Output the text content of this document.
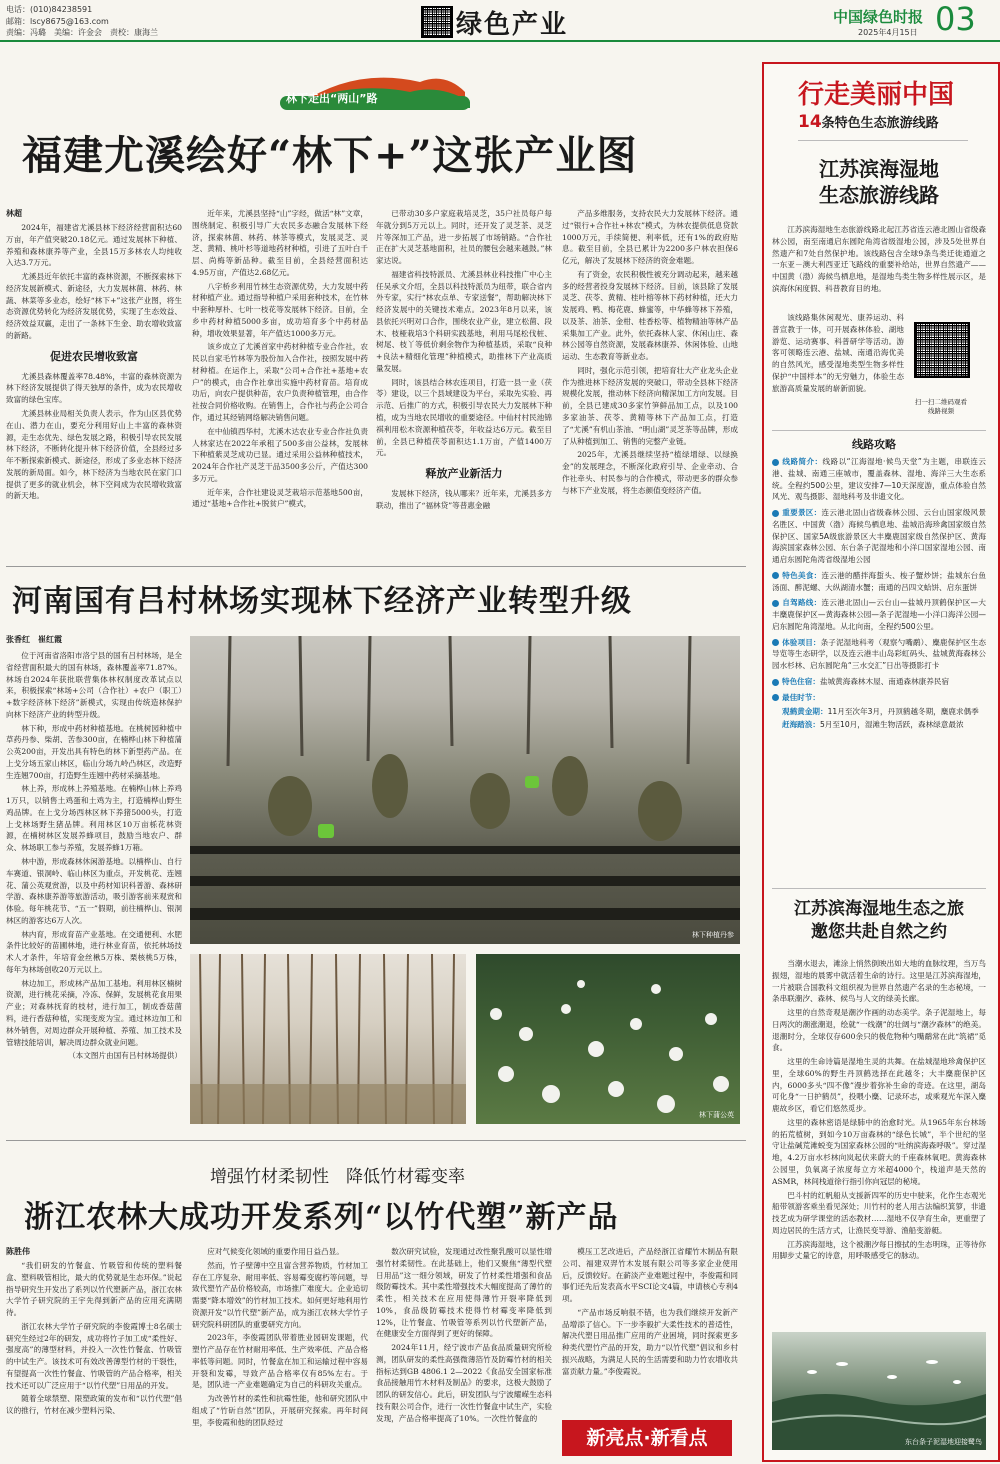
电话：(010)84238591
邮箱：lscy8675@163.com
责编：冯璐　美编：许金会　责校：康海兰	绿色产业	中国绿色时报
2025年4月15日 03
林下走出“两山”路
福建尤溪绘好“林下+”这张产业图
林超

2024年，福建省尤溪县林下经济经营面积达60万亩，年产值突破20.18亿元。通过发展林下种植、养殖和森林康养等产业，全县15万多林农人均纯收入达3.7万元。

尤溪县近年依托丰富的森林资源，不断探索林下经济发展新模式、新途径，大力发展林菌、林药、林蔬、林菜等多业态，绘好“林下+”这张产业图，将生态资源优势转化为经济发展优势，实现了生态效益、经济效益双赢，走出了一条林下生金、助农增收致富的新路。

促进农民增收致富

尤溪县森林覆盖率78.48%，丰富的森林资源为林下经济发展提供了得天独厚的条件，成为农民增收致富的绿色宝库。

尤溪县林业局相关负责人表示，作为山区县优势在山、潜力在山，要充分利用好山上丰富的森林资源，走生态优先、绿色发展之路，积极引导农民发展林下经济，不断转化提升林下经济价值，全县经过多年不断探索新模式、新途径，形成了多业态林下经济发展的新局面。如今，林下经济为当地农民在家门口提供了更多的就业机会，林下空间成为农民增收致富的新天地。

近年来，尤溪县坚持“山”字经，做活“林”文章，围绕制定、积极引导广大农民多态融合发展林下经济，探索林菌、林药、林茶等模式，发展灵芝、灵芝、黄精、桃叶杉等道地药材种植，引进了五叶白千层、尚梅等新品种。截至目前，全县经营面积达4.95万亩，产值达2.68亿元。

八字桥乡利用竹林生态资源优势，大力发展中药材种植产业。通过指导种植户采用套种技术，在竹林中套种厚朴、七叶一枝花等发展林下经济。目前，全乡中药材种植5000多亩，成功培育多个中药材品种，增收效果显著，年产值达1000多万元。

该乡成立了尤溪首家中药材种植专业合作社，农民以自家毛竹林等为股份加入合作社，按照发展中药材种植。在运作上，采取“公司+合作社+基地+农户”的模式，由合作社拿出实施中药材育苗。培育成功后，向农户提供种苗，农户负责种植管理，由合作社按合同价格收购。在销售上，合作社与药企公司合作，通过其经销网络解决销售问题。

在中仙镇西华村，尤溪木达农业专业合作社负责人林家达在2022年承租了500多亩公益林，发展林下种植紫灵芝成功已显。通过采用公益林种植技术，2024年合作社产灵芝干品3500多公斤，产值达300多万元。

近年来，合作社建设灵芝栽培示范基地500亩，通过“基地+合作社+脱贫户”模式，

已带动30多户家庭栽培灵芝，35户社员每户每年就分到5万元以上。同时，还开发了灵芝茶、灵芝片等深加工产品，进一步拓展了市场销路。“合作社正在扩大灵芝基地面积，社员的腰包会越来越鼓。”林家达说。

福建省科技特派员、尤溪县林业科技推广中心主任吴承文介绍，全县以科技特派员为纽带，联合省内外专家，实行“林农点单、专家送餐”，帮助解决林下经济发展中的关键技术难点。2023年8月以来，该县依托兴明对口合作，围绕农业产业，建立松菌、段木、枝桠栽培3个科研实践基地，利用马尾松伐桩、树尾、枝丫等低价剩余物作为种植基质，采取“良种+良法+精细化管理”种植模式，助推林下产业高质量发展。

同时，该县结合林农连项目，打造一县一业（茯苓）建设，以三个县域建设为平台，采取先实验、再示范、后推广的方式，积极引导农民大力发展林下种植，成为当地农民增收的重要途径。中仙村村民池锦祺利用松木资源种植茯苓，年收益达6万元。截至目前，全县已种植茯苓面积达1.1万亩，产值1400万元。

释放产业新活力

发展林下经济，钱从哪来？近年来，尤溪县多方联动，推出了“福林贷”等普惠金融

产品多维服务，支持农民大力发展林下经济。通过“银行+合作社+林农”模式，为林农提供低息贷款1000万元，手续简便、利率低，还有1%的政府贴息。截至目前，全县已累计为2200多户林农担保6亿元，解决了发展林下经济的资金难题。

有了资金，农民积极性被充分调动起来，越来越多的经营者投身发展林下经济。目前，该县除了发展灵芝、茯苓、黄精、桂叶榕等林下药材种植，还大力发展鸡、鸭、梅花鹿、蜂蜜等，中华蜂等林下养殖，以及茶、油茶、金柑、桂香松等、植物精油等林产品采集加工产业。此外，依托森林人家、休闲山庄、森林公园等自然资源，发展森林康养、休闲体验、山地运动、生态教育等新业态。

同时，强化示范引领，把培育壮大产业龙头企业作为推进林下经济发展的突破口，带动全县林下经济规模化发展，推动林下经济向精深加工方向发展。目前，全县已建成30多家竹笋鲜品加工点，以及100多家油茶、茯苓、黄精等林下产品加工点，打造了“尤溪”有机山茶油、“明山湖”灵芝茶等品牌，形成了从种植到加工、销售的完整产业链。

2025年，尤溪县继续坚持“植绿增绿、以绿换金”的发展理念，不断深化政府引导、企业牵动、合作社牵头、村民参与的合作模式，带动更多的群众参与林下产业发展，将生态颜值变经济产值。

河南国有吕村林场实现林下经济产业转型升级
张香红　崔红霞

位于河南省洛阳市洛宁县的国有吕村林场，是全省经营面积最大的国有林场，森林覆盖率71.87%。林场自2024年获批联营集体林权制度改革试点以来，积极探索“林场+公司（合作社）+农户（职工）+数字经济林下经济”新模式，实现由传统造林保护向林下经济产业的转型升级。

林下种，形成中药材种植基地。在桃树园种植中草药丹参、柴胡、苦参300亩，在楠桦山林下种植蒲公英200亩，开发出具有特色的林下新型药产品。在上戈分场五家山林区，临山分场九岭凸林区，改造野生连翘700亩，打造野生连翘中药材采摘基地。

林上养，形成林上养殖基地。在楠桦山林上养鸡1万只，以销售土鸡蛋和土鸡为主，打造楠桦山野生鸡品牌。在上戈分场西林区林下养猪5000头，打造上戈林场野生猪品牌。利用林区10万亩栎花林资源，在楠树林区发展养蜂项目，鼓励当地农户、群众、林场职工参与养殖，发展养蜂1万箱。

林中游，形成森林休闲游基地。以楠桦山、自行车赛道、银洞岭、临山林区为重点，开发桃花、连翘花、蒲公英观赏游，以及中药材知识科普游、森林研学游、森林康养游等旅游活动，吸引游客前来观赏和体验。每年桃花节、“五一”假期，前往楠桦山、银洞林区的游客达6万人次。

林内育，形成育苗产业基地。在交通便利、水肥条件比较好的苗圃林地，进行林业育苗，依托林场技术人才条件，年培育金丝楸5万株、栗核桃5万株，每年为林场创收20万元以上。

林边加工，形成林产品加工基地。利用林区楠树资源，进行桃花采摘，冷冻、保鲜，发展桃花食用果产业；对森林抚育的枝材，进行加工，制成香菇菌料，进行香菇种植，实现变废为宝。通过林边加工和林外销售，对周边群众开展种植、养殖、加工技术及管辖技能培训，解决周边群众就业问题。

（本文图片由国有吕村林场提供）

林下种植丹参
林下蒲公英
增强竹材柔韧性　降低竹材霉变率
浙江农林大成功开发系列“以竹代塑”新产品
陈胜伟

“我们研发的竹餐盒、竹吸管和传统的塑料餐盒、塑料吸管相比，最大的优势就是生态环保。”说起指导研究生开发出了系列以竹代塑新产品，浙江农林大学竹子研究院的王宇先得到新产品的应用充满期待。

浙江农林大学竹子研究院的李俊霞博士8名硕士研究生经过2年的研发，成功将竹子加工成“柔性好、强度高”的薄型材料，并投入一次性竹餐盒、竹吸管的中试生产。该技术可有效改善薄型竹材的干裂性，有望提高一次性竹餐盒、竹吸管的产品合格率，相关技术还可以广泛应用于“以竹代塑”日用品的开发。

随着全球禁塑、限塑政策的发布和“以竹代塑”倡议的推行，竹材在减少塑料污染、

应对气候变化领域的重要作用日益凸显。

然而，竹子壁薄中空且富含营养物质，竹材加工存在工序复杂、耐用率低、容易霉变腐朽等问题，导致代塑竹产品价格较高，市场推广难度大。企业追切需要“降本增效”的竹材加工技术。如何更好地利用竹资源开发“以竹代塑”新产品，成为浙江农林大学竹子研究院科研团队的重要研究方向。

2023年，李俊霞团队带着胜业园研发课题，代塑竹产品存在竹材耐用率低、生产效率低、产品合格率低等问题。同时，竹餐盒在加工和运输过程中容易开裂和发霉，导致产品合格率仅有85%左右。于是，团队进一产业难题确定为自己的科研攻关重点。

为改善竹材的柔性和抗霉性能，他和研究团队中组成了“竹斫自然”团队，开展研究探索。再年时间里，李俊霞和他的团队经过

数次研究试验，发现通过改性聚乳酸可以显性增强竹材柔韧性。在此基础上，他们又聚焦“薄型代塑日用品”这一细分领域，研发了竹材柔性增强和食品级防霉技术。其中柔性增强技术大幅度提高了薄竹的柔性，相关技术在应用使得薄竹开裂率降低到10%，食品级防霉技术使得竹材霉变率降低到12%，让竹餐盒、竹吸管等系列以竹代塑新产品，在健康安全方面得到了更好的保障。

2024年11月，经宁波市产品食品质量研究所检测，团队研发的柔性高强微薄箔竹及防霉竹材的相关指标达到GB 4806.1 2—2022《食品安全国家标准食品接触用竹木材料及制品》的要求，这极大鼓励了团队的研发信心。此后，研发团队与宁波耀嵘生态科技有限公司合作，进行一次性竹餐盒中试生产，实验发现，产品合格率提高了10%。一次性竹餐盒的

模压工艺改进后，产品经浙江省耀竹木制品有限公司、福建双羿竹木发展有限公司等多家企业使用后，反馈较好。在薪淡产业难题过程中，李俊霞和同事们还先后发表高水平SCI论文4篇，申请核心专利4项。

“产品市场反响很不错，也为我们继续开发新产品增添了信心。下一步李毅扩大柔性技术的普适性，解决代塑日用品推广应用的产业困境，同时探索更多种类代塑竹产品的开发，助力“以竹代塑”倡议和乡村振兴战略，为满足人民的生活需要和助力竹农增收共富贡献力量。”李俊霞说。

新亮点·新看点
行走美丽中国
14条特色生态旅游线路
江苏滨海湿地
生态旅游线路

江苏滨海湿地生态旅游线路北起江苏省连云港北圆山省级森林公园，南至南通启东圆陀角湾省级湿地公园，涉及5处世界自然遗产和7处自然保护地。该线路包含全球9条鸟类迁徙通道之一东亚－澳大利西亚迁飞路线的重要补给站，世界自然遗产——中国黄（渤）海候鸟栖息地，是湿地鸟类生物多样性展示区，是滨海休闲度假、科普教育目的地。

该线路集休闲观光、康养运动、科普宣教于一体，可开展森林体验、湖地游览、运动赛事、科普研学等活动。游客可领略连云港、盐城、南通沿海优美的自然风光，感受湿地类型生物多样性保护“中国样本”的无穷魅力，体验生态旅游高质量发展的崭新面貌。

扫一扫二维码观看线路视频
线路攻略
线路简介：线路以“江海湿地·候鸟天堂”为主题，串联连云港、盐城、南通三座城市，覆盖森林、湿地、海洋三大生态系统。全程约500公里，建议安排7—10天深度游，重点体验自然风光、观鸟摄影、湿地科考及非遗文化。
重要景区：连云港北固山省级森林公园、云台山国家级风景名胜区、中国黄（渤）海候鸟栖息地、盐城沿海珍禽国家级自然保护区、国家5A级旅游景区大丰麋鹿国家级自然保护区、黄海海滨国家森林公园、东台条子泥湿地和小洋口国家湿地公园、南通启东圆陀角湾省级湿地公园
特色美食：连云港的醋拌海蜇头、梭子蟹炒饼；盐城东台鱼汤面、醉泥螺、大纵湖清水蟹；南通的吕四文蛤饼、启东蛋饼
自驾路线：连云港北固山—云台山—盐城丹顶鹤保护区—大丰麋鹿保护区—黄海森林公园—条子泥湿地—小洋口海洋公园—启东圆陀角湾湿地。从北向南，全程约500公里。
体验项目：条子泥湿地科考（观察勺嘴鹬）、麋鹿保护区生态导览等生态研学，以及连云港丰山岛彩虹码头、盐城黄海森林公园水杉林、启东圆陀角“三水交汇”日出等摄影打卡
特色住宿：盐城黄海森林木屋、南通森林康养民宿
最佳时节：
观鹤黄金期：11月至次年3月，丹顶鹤越冬期，麋鹿求偶季
赶海踏浪：5月至10月，湿滩生物活跃，森林绿意最浓
江苏滨海湿地生态之旅
邀您共赴自然之约

当潮水退去，滩涂上悄然倒映出如大地的血脉纹理，当万鸟振翅，湿地的晨雾中就活着生命的诗行。这里是江苏滨海湿地，一片被联合国教科文组织视为世界自然遗产名录的生态秘境，一条串联潮汐、森林、候鸟与人文的绿美长廊。

这里的自然奇观是潮汐作画的动态美学。条子泥湿地上，每日两次的潮涨潮退，绘就“一线潮”的壮阔与“潮汐森林”的绝美。退潮时分，全球仅存600余只的极危物种勺嘴鹬常在此“筑裙”觅食。

这里的生命诗篇是湿地生灵的共舞。在盐城湿地珍禽保护区里，全球60%的野生丹顶鹤选择在此越冬；大丰麋鹿保护区内，6000多头“四不像”漫步着弥补生命的奇迹。在这里，湖岛可化身“一日护鹤员”，投喂小麋、记录环志，或乘观光车深入麋鹿故乡区，看它们悠然觅步。

这里的森林密语是绿肺中的治愈时光。从1965年东台林场的拓荒植树，到如今10万亩森林的“绿色长城”，半个世纪的坚守让盐碱荒滩蜕变为国家森林公园的“吐纳滨海森呼吸”。穿过湿地，4.2万亩水杉林向岚起伏来蔚大的千座森林氧吧。黄海森林公园里，负氧离子浓度每立方米超4000个，栈道声是天然的ASMR，林间栈道徐行指引你向冠层的秘境。

巴斗村的红帆船从支援新四军的历史中驶来，化作生态观光船带领游客乘坐看见深处；川竹村的老人用古法编织箕箩，非遗技艺成为研学课堂的活态教材……湿地不仅孕育生命，更重塑了周边居民的生活方式，让渔民变导游、渔船变游艇。

江苏滨海湿地，这个被潮汐每日擦拭的生态明珠，正等待你用脚步丈量它的诗意，用呼吸感受它的脉动。

东台条子泥湿地迎接鹭鸟
